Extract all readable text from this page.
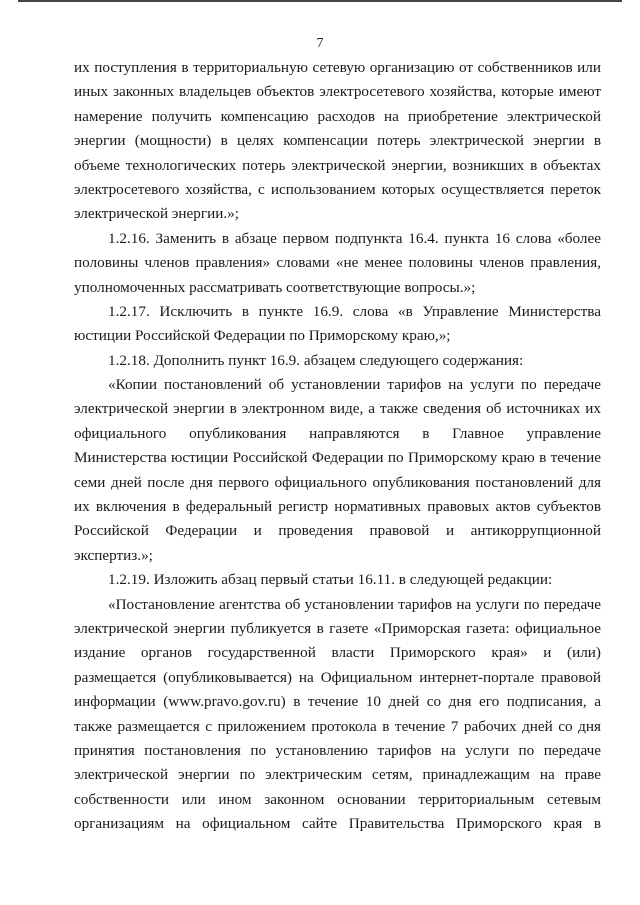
7
их поступления в территориальную сетевую организацию от собственников или
иных законных владельцев объектов электросетевого хозяйства, которые имеют
намерение получить компенсацию расходов на приобретение электрической
энергии (мощности) в целях компенсации потерь электрической энергии в
объеме технологических потерь электрической энергии, возникших в объектах
электросетевого хозяйства, с использованием которых осуществляется переток
электрической энергии.»;
1.2.16. Заменить в абзаце первом подпункта 16.4. пункта 16 слова «более
половины членов правления» словами «не менее половины членов правления,
уполномоченных рассматривать соответствующие вопросы.»;
1.2.17. Исключить в пункте 16.9. слова «в Управление Министерства
юстиции Российской Федерации по Приморскому краю,»;
1.2.18. Дополнить пункт 16.9. абзацем следующего содержания:
«Копии постановлений об установлении тарифов на услуги по передаче
электрической энергии в электронном виде, а также сведения об источниках их
официального опубликования направляются в Главное управление
Министерства юстиции Российской Федерации по Приморскому краю в течение
семи дней после дня первого официального опубликования постановлений для
их включения в федеральный регистр нормативных правовых актов субъектов
Российской Федерации и проведения правовой и антикоррупционной
экспертиз.»;
1.2.19. Изложить абзац первый статьи 16.11. в следующей редакции:
«Постановление агентства об установлении тарифов на услуги по передаче
электрической энергии публикуется в газете «Приморская газета: официальное
издание органов государственной власти Приморского края» и (или)
размещается (опубликовывается) на Официальном интернет-портале правовой
информации (www.pravo.gov.ru) в течение 10 дней со дня его подписания, а
также размещается с приложением протокола в течение 7 рабочих дней со дня
принятия постановления по установлению тарифов на услуги по передаче
электрической энергии по электрическим сетям, принадлежащим на праве
собственности или ином законном основании территориальным сетевым
организациям на официальном сайте Правительства Приморского края в
